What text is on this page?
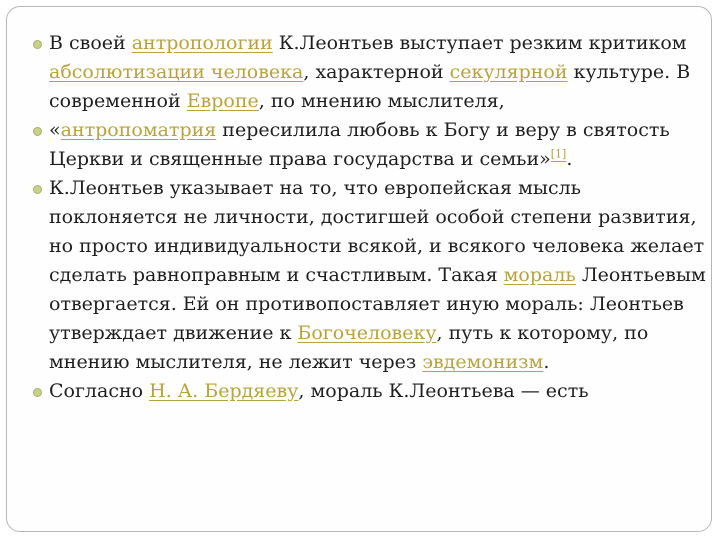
В своей антропологии К.Леонтьев выступает резким критиком абсолютизации человека, характерной секулярной культуре. В современной Европе, по мнению мыслителя,
«антропоматрия пересилила любовь к Богу и веру в святость Церкви и священные права государства и семьи»[1].
К.Леонтьев указывает на то, что европейская мысль поклоняется не личности, достигшей особой степени развития, но просто индивидуальности всякой, и всякого человека желает сделать равноправным и счастливым. Такая мораль Леонтьевым отвергается. Ей он противопоставляет иную мораль: Леонтьев утверждает движение к Богочеловеку, путь к которому, по мнению мыслителя, не лежит через эвдемонизм.
Согласно Н. А. Бердяеву, мораль К.Леонтьева — есть
